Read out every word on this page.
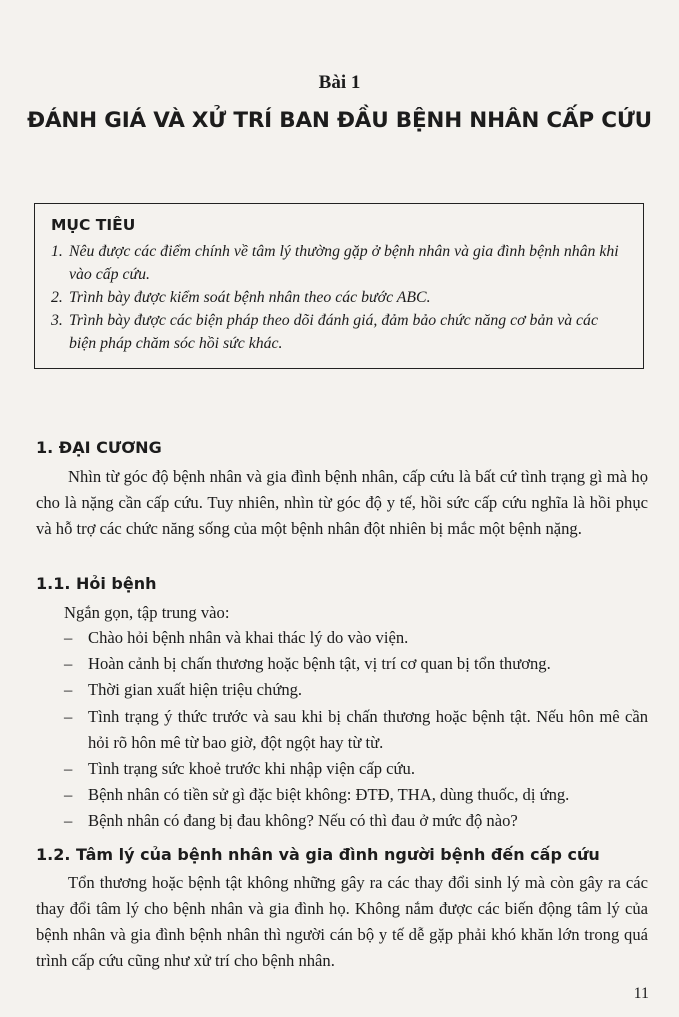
Bài 1
ĐÁNH GIÁ VÀ XỬ TRÍ BAN ĐẦU BỆNH NHÂN CẤP CỨU
MỤC TIÊU
1. Nêu được các điểm chính về tâm lý thường gặp ở bệnh nhân và gia đình bệnh nhân khi vào cấp cứu.
2. Trình bày được kiểm soát bệnh nhân theo các bước ABC.
3. Trình bày được các biện pháp theo dõi đánh giá, đảm bảo chức năng cơ bản và các biện pháp chăm sóc hồi sức khác.
1. ĐẠI CƯƠNG
Nhìn từ góc độ bệnh nhân và gia đình bệnh nhân, cấp cứu là bất cứ tình trạng gì mà họ cho là nặng cần cấp cứu. Tuy nhiên, nhìn từ góc độ y tế, hồi sức cấp cứu nghĩa là hồi phục và hỗ trợ các chức năng sống của một bệnh nhân đột nhiên bị mắc một bệnh nặng.
1.1. Hỏi bệnh
Ngắn gọn, tập trung vào:
– Chào hỏi bệnh nhân và khai thác lý do vào viện.
– Hoàn cảnh bị chấn thương hoặc bệnh tật, vị trí cơ quan bị tổn thương.
– Thời gian xuất hiện triệu chứng.
– Tình trạng ý thức trước và sau khi bị chấn thương hoặc bệnh tật. Nếu hôn mê cần hỏi rõ hôn mê từ bao giờ, đột ngột hay từ từ.
– Tình trạng sức khoẻ trước khi nhập viện cấp cứu.
– Bệnh nhân có tiền sử gì đặc biệt không: ĐTĐ, THA, dùng thuốc, dị ứng.
– Bệnh nhân có đang bị đau không? Nếu có thì đau ở mức độ nào?
1.2. Tâm lý của bệnh nhân và gia đình người bệnh đến cấp cứu
Tổn thương hoặc bệnh tật không những gây ra các thay đổi sinh lý mà còn gây ra các thay đổi tâm lý cho bệnh nhân và gia đình họ. Không nắm được các biến động tâm lý của bệnh nhân và gia đình bệnh nhân thì người cán bộ y tế dễ gặp phải khó khăn lớn trong quá trình cấp cứu cũng như xử trí cho bệnh nhân.
11
